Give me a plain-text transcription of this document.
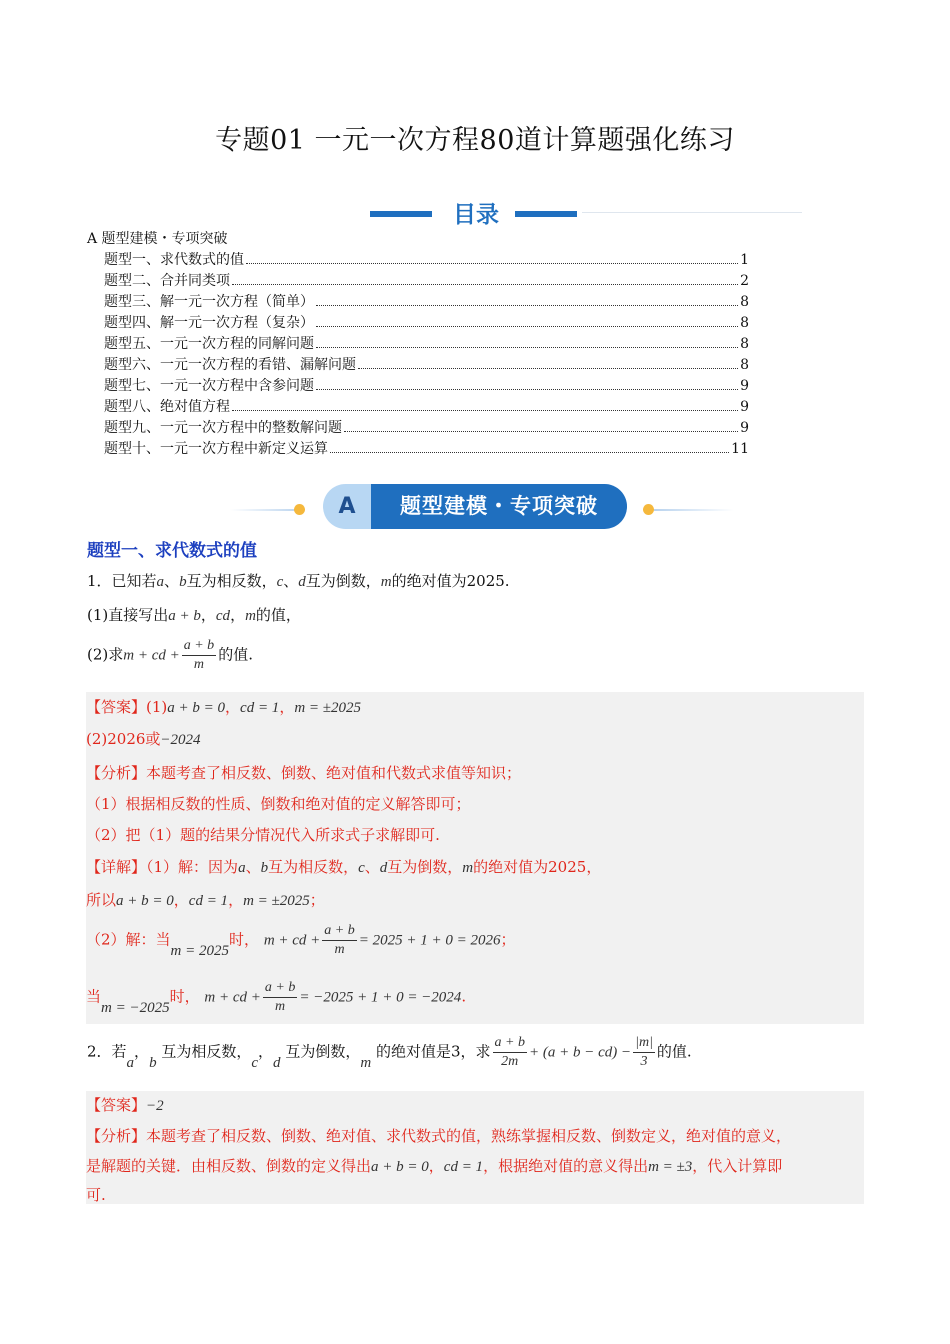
专题01 一元一次方程80道计算题强化练习
目录
A 题型建模・专项突破
题型一、求代数式的值	1
题型二、合并同类项	2
题型三、解一元一次方程（简单）	8
题型四、解一元一次方程（复杂）	8
题型五、一元一次方程的同解问题	8
题型六、一元一次方程的看错、漏解问题	8
题型七、一元一次方程中含参问题	9
题型八、绝对值方程	9
题型九、一元一次方程中的整数解问题	9
题型十、一元一次方程中新定义运算	11
A	题型建模・专项突破
题型一、求代数式的值
1．已知若a、b互为相反数，c、d互为倒数，m的绝对值为2025.
(1)直接写出a + b，cd，m的值，
(2)求m + cd + $\frac{a + b}{m}$ 的值.
【答案】(1)a + b = 0，cd = 1，m = ±2025
(2)2026或−2024
【分析】本题考查了相反数、倒数、绝对值和代数式求值等知识；
（1）根据相反数的性质、倒数和绝对值的定义解答即可；
（2）把（1）题的结果分情况代入所求式子求解即可.
【详解】（1）解：因为a、b互为相反数，c、d互为倒数，m的绝对值为2025，
所以a + b = 0，cd = 1，m = ±2025；
（2）解：当m = 2025时， m + cd + $\frac{a + b}{m} = 2025 + 1 + 0 = 2026$；
当m = −2025时， m + cd + $\frac{a + b}{m} = -2025 + 1 + 0 = -2024$.
2．若a，b 互为相反数，c，d 互为倒数，m 的绝对值是3，求 $\frac{a + b}{2m} + (a + b - cd) - \frac{|m|}{3}$ 的值.
【答案】−2
【分析】本题考查了相反数、倒数、绝对值、求代数式的值，熟练掌握相反数、倒数定义，绝对值的意义，
是解题的关键．由相反数、倒数的定义得出a + b = 0，cd = 1，根据绝对值的意义得出m = ±3，代入计算即
可.
